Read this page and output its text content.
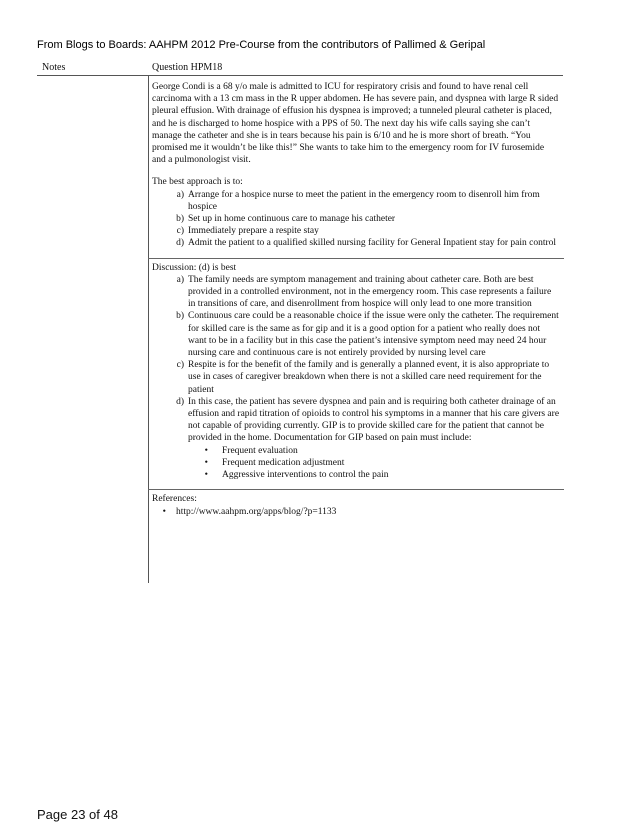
From Blogs to Boards: AAHPM 2012 Pre-Course from the contributors of Pallimed & Geripal
Notes	Question HPM18

George Condi is a 68 y/o male is admitted to ICU for respiratory crisis and found to have renal cell carcinoma with a 13 cm mass in the R upper abdomen. He has severe pain, and dyspnea with large R sided pleural effusion. With drainage of effusion his dyspnea is improved; a tunneled pleural catheter is placed, and he is discharged to home hospice with a PPS of 50. The next day his wife calls saying she can’t manage the catheter and she is in tears because his pain is 6/10 and he is more short of breath. “You promised me it wouldn’t be like this!” She wants to take him to the emergency room for IV furosemide and a pulmonologist visit.

The best approach is to:

a) Arrange for a hospice nurse to meet the patient in the emergency room to disenroll him from hospice
b) Set up in home continuous care to manage his catheter
c) Immediately prepare a respite stay
d) Admit the patient to a qualified skilled nursing facility for General Inpatient stay for pain control

Discussion: (d) is best

a) The family needs are symptom management and training about catheter care. Both are best provided in a controlled environment, not in the emergency room. This case represents a failure in transitions of care, and disenrollment from hospice will only lead to one more transition
b) Continuous care could be a reasonable choice if the issue were only the catheter. The requirement for skilled care is the same as for gip and it is a good option for a patient who really does not want to be in a facility but in this case the patient’s intensive symptom need may need 24 hour nursing care and continuous care is not entirely provided by nursing level care
c) Respite is for the benefit of the family and is generally a planned event, it is also appropriate to use in cases of caregiver breakdown when there is not a skilled care need requirement for the patient
d) In this case, the patient has severe dyspnea and pain and is requiring both catheter drainage of an effusion and rapid titration of opioids to control his symptoms in a manner that his care givers are not capable of providing currently. GIP is to provide skilled care for the patient that cannot be provided in the home. Documentation for GIP based on pain must include:
•	Frequent evaluation
•	Frequent medication adjustment
•	Aggressive interventions to control the pain

References:

•	http://www.aahpm.org/apps/blog/?p=1133
Page 23 of 48
